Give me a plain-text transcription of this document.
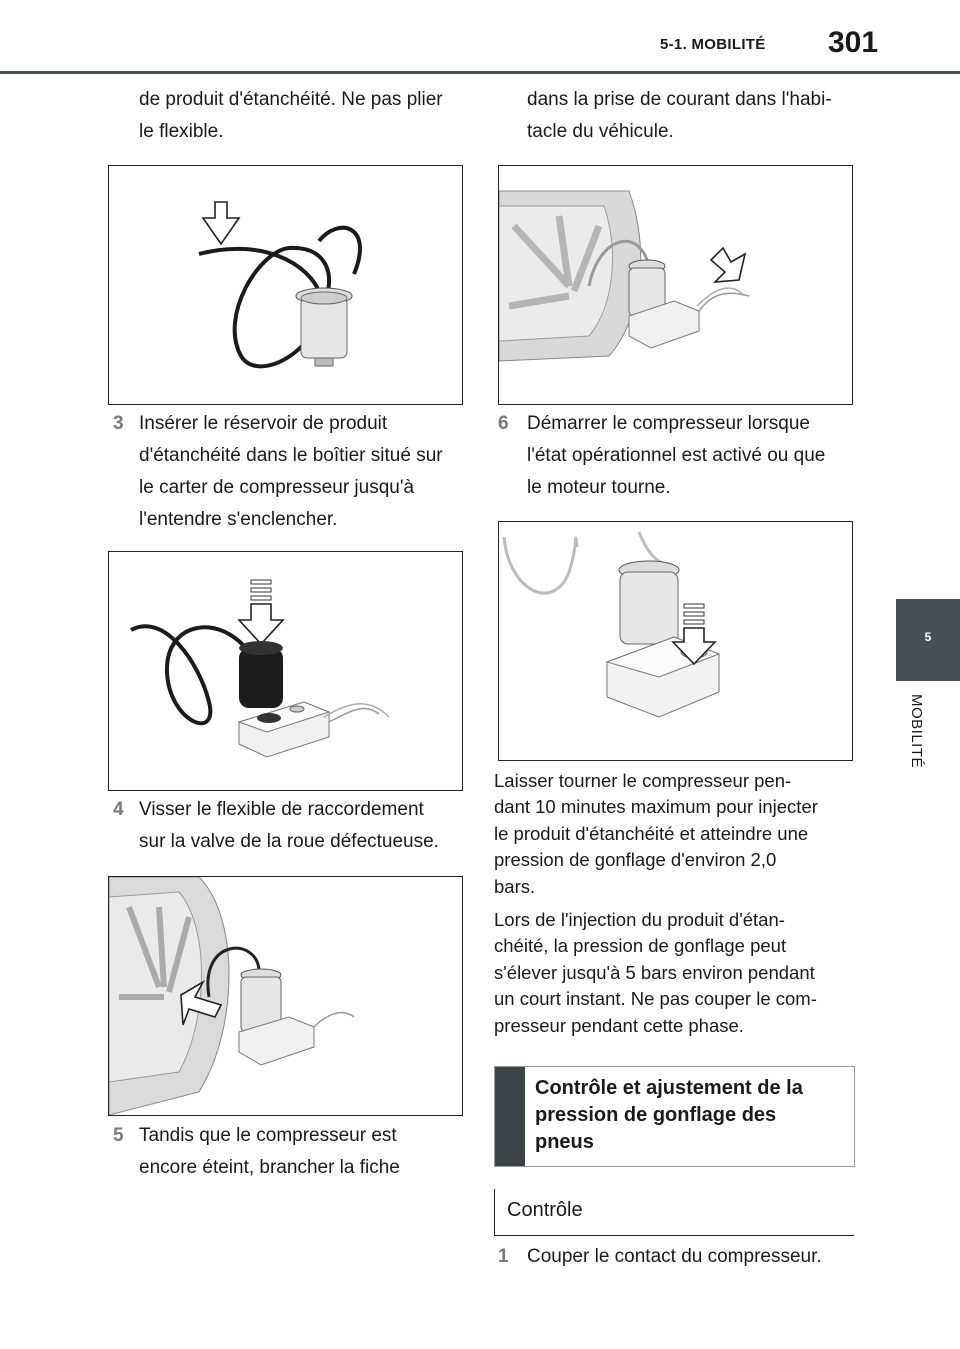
5-1. MOBILITÉ 301
5
MOBILITÉ
de produit d'étanchéité. Ne pas plier
le flexible.
3 Insérer le réservoir de produit
d'étanchéité dans le boîtier situé sur
le carter de compresseur jusqu'à
l'entendre s'enclencher.
4 Visser le flexible de raccordement
sur la valve de la roue défectueuse.
5 Tandis que le compresseur est
encore éteint, brancher la fiche
dans la prise de courant dans l'habi-
tacle du véhicule.
6 Démarrer le compresseur lorsque
l'état opérationnel est activé ou que
le moteur tourne.
Laisser tourner le compresseur pen-
dant 10 minutes maximum pour injecter
le produit d'étanchéité et atteindre une
pression de gonflage d'environ 2,0
bars.
Lors de l'injection du produit d'étan-
chéité, la pression de gonflage peut
s'élever jusqu'à 5 bars environ pendant
un court instant. Ne pas couper le com-
presseur pendant cette phase.
Contrôle et ajustement de la
pression de gonflage des
pneus
Contrôle
1 Couper le contact du compresseur.
